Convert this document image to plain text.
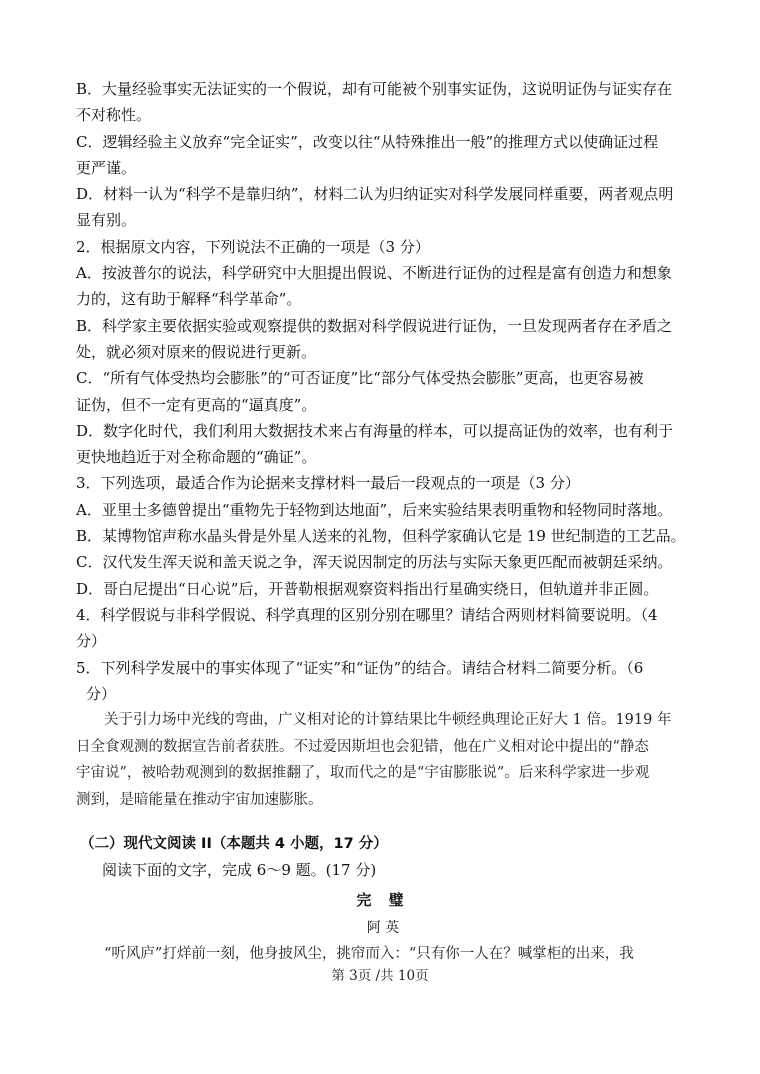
B．大量经验事实无法证实的一个假说，却有可能被个别事实证伪，这说明证伪与证实存在
不对称性。
C．逻辑经验主义放弃“完全证实”，改变以往“从特殊推出一般”的推理方式以使确证过程
更严谨。
D．材料一认为“科学不是靠归纳”，材料二认为归纳证实对科学发展同样重要，两者观点明
显有别。
2．根据原文内容，下列说法不正确的一项是（3 分）
A．按波普尔的说法，科学研究中大胆提出假说、不断进行证伪的过程是富有创造力和想象
力的，这有助于解释“科学革命”。
B．科学家主要依据实验或观察提供的数据对科学假说进行证伪，一旦发现两者存在矛盾之
处，就必须对原来的假说进行更新。
C．“所有气体受热均会膨胀”的“可否证度”比“部分气体受热会膨胀”更高，也更容易被
证伪，但不一定有更高的“逼真度”。
D．数字化时代，我们利用大数据技术来占有海量的样本，可以提高证伪的效率，也有利于
更快地趋近于对全称命题的“确证”。
3．下列选项，最适合作为论据来支撑材料一最后一段观点的一项是（3 分）
A．亚里士多德曾提出“重物先于轻物到达地面”，后来实验结果表明重物和轻物同时落地。
B．某博物馆声称水晶头骨是外星人送来的礼物，但科学家确认它是 19 世纪制造的工艺品。
C．汉代发生浑天说和盖天说之争，浑天说因制定的历法与实际天象更匹配而被朝廷采纳。
D．哥白尼提出“日心说”后，开普勒根据观察资料指出行星确实绕日，但轨道并非正圆。
4．科学假说与非科学假说、科学真理的区别分别在哪里？请结合两则材料简要说明。（4
分）
5．下列科学发展中的事实体现了“证实”和“证伪”的结合。请结合材料二简要分析。（6
分）
关于引力场中光线的弯曲，广义相对论的计算结果比牛顿经典理论正好大 1 倍。1919 年
日全食观测的数据宣告前者获胜。不过爱因斯坦也会犯错，他在广义相对论中提出的“静态
宇宙说”，被哈勃观测到的数据推翻了，取而代之的是“宇宙膨胀说”。后来科学家进一步观
测到，是暗能量在推动宇宙加速膨胀。
（二）现代文阅读 II（本题共 4 小题，17 分）
阅读下面的文字，完成 6～9 题。(17 分)
完 璧
阿 英
“听风庐”打烊前一刻，他身披风尘，挑帘而入：“只有你一人在？喊掌柜的出来，我
第 3页 /共 10页
